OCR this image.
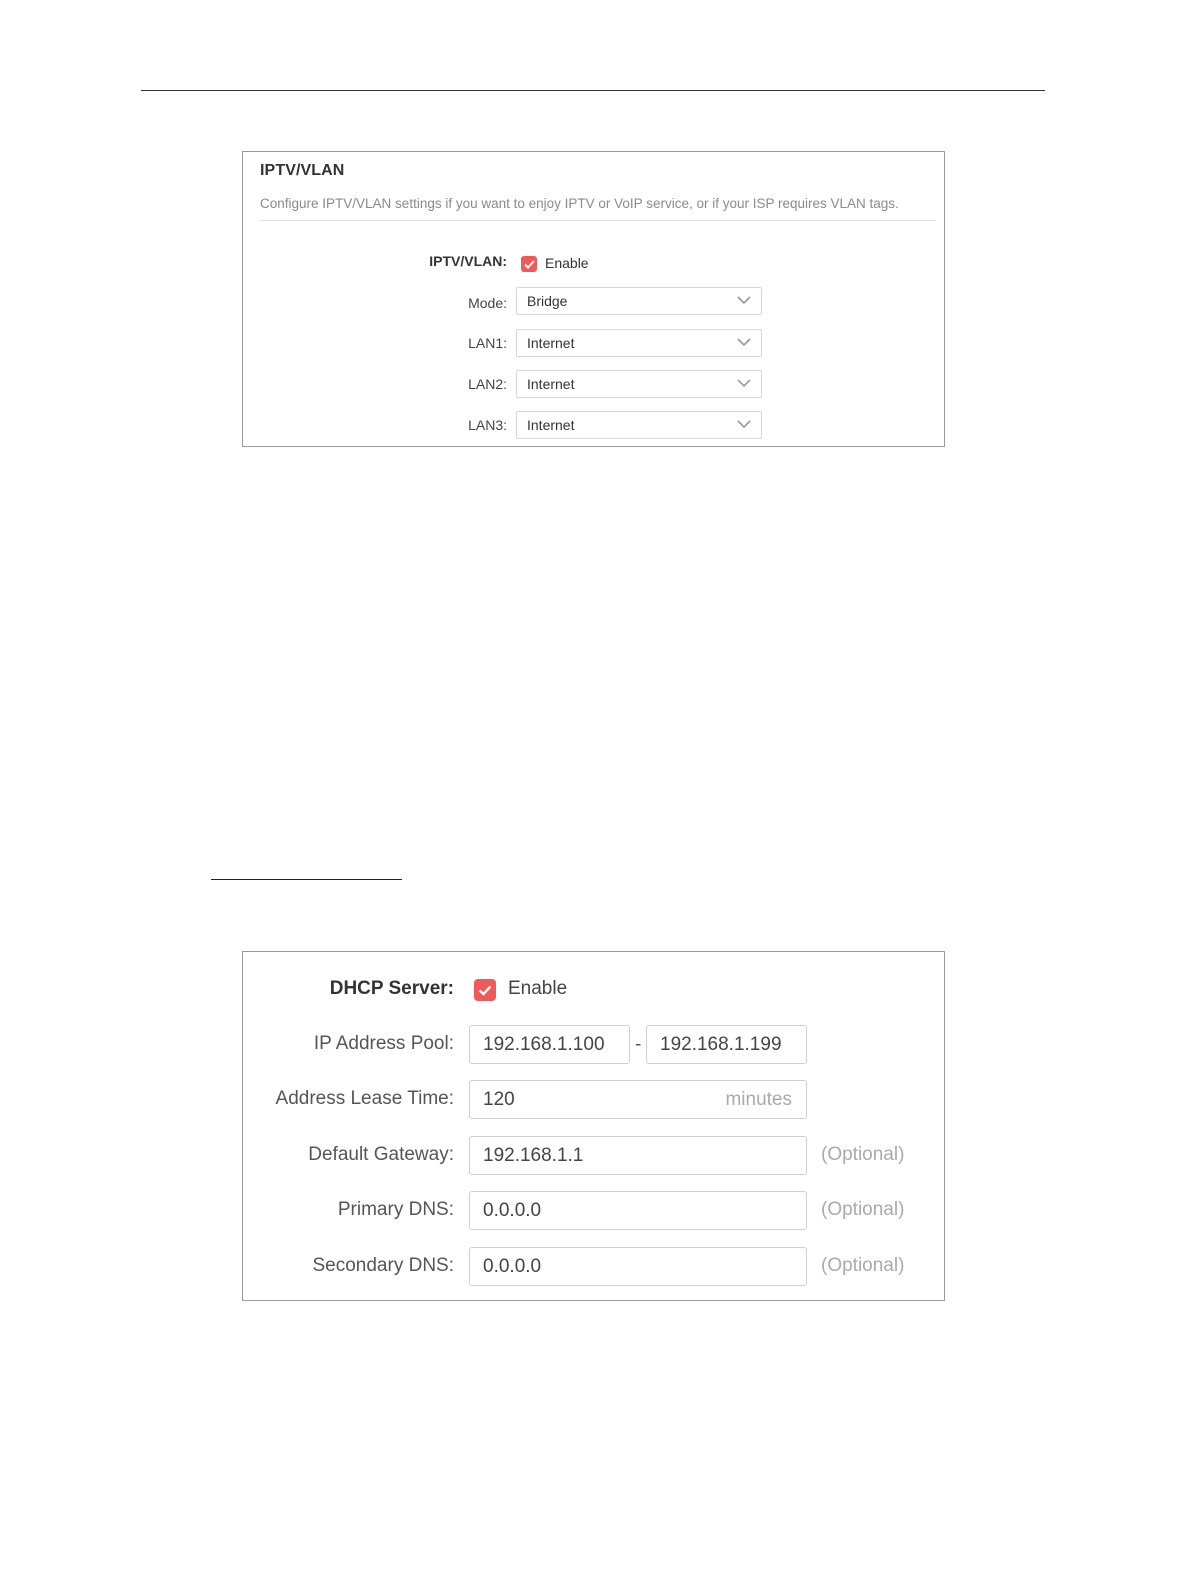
IPTV/VLAN
Configure IPTV/VLAN settings if you want to enjoy IPTV or VoIP service, or if your ISP requires VLAN tags.
IPTV/VLAN:	Enable
Mode: Bridge
LAN1: Internet
LAN2: Internet
LAN3: Internet
DHCP Server:	Enable
IP Address Pool: 192.168.1.100 - 192.168.1.199
Address Lease Time: 120	minutes
Default Gateway: 192.168.1.1	(Optional)
Primary DNS: 0.0.0.0	(Optional)
Secondary DNS: 0.0.0.0	(Optional)
